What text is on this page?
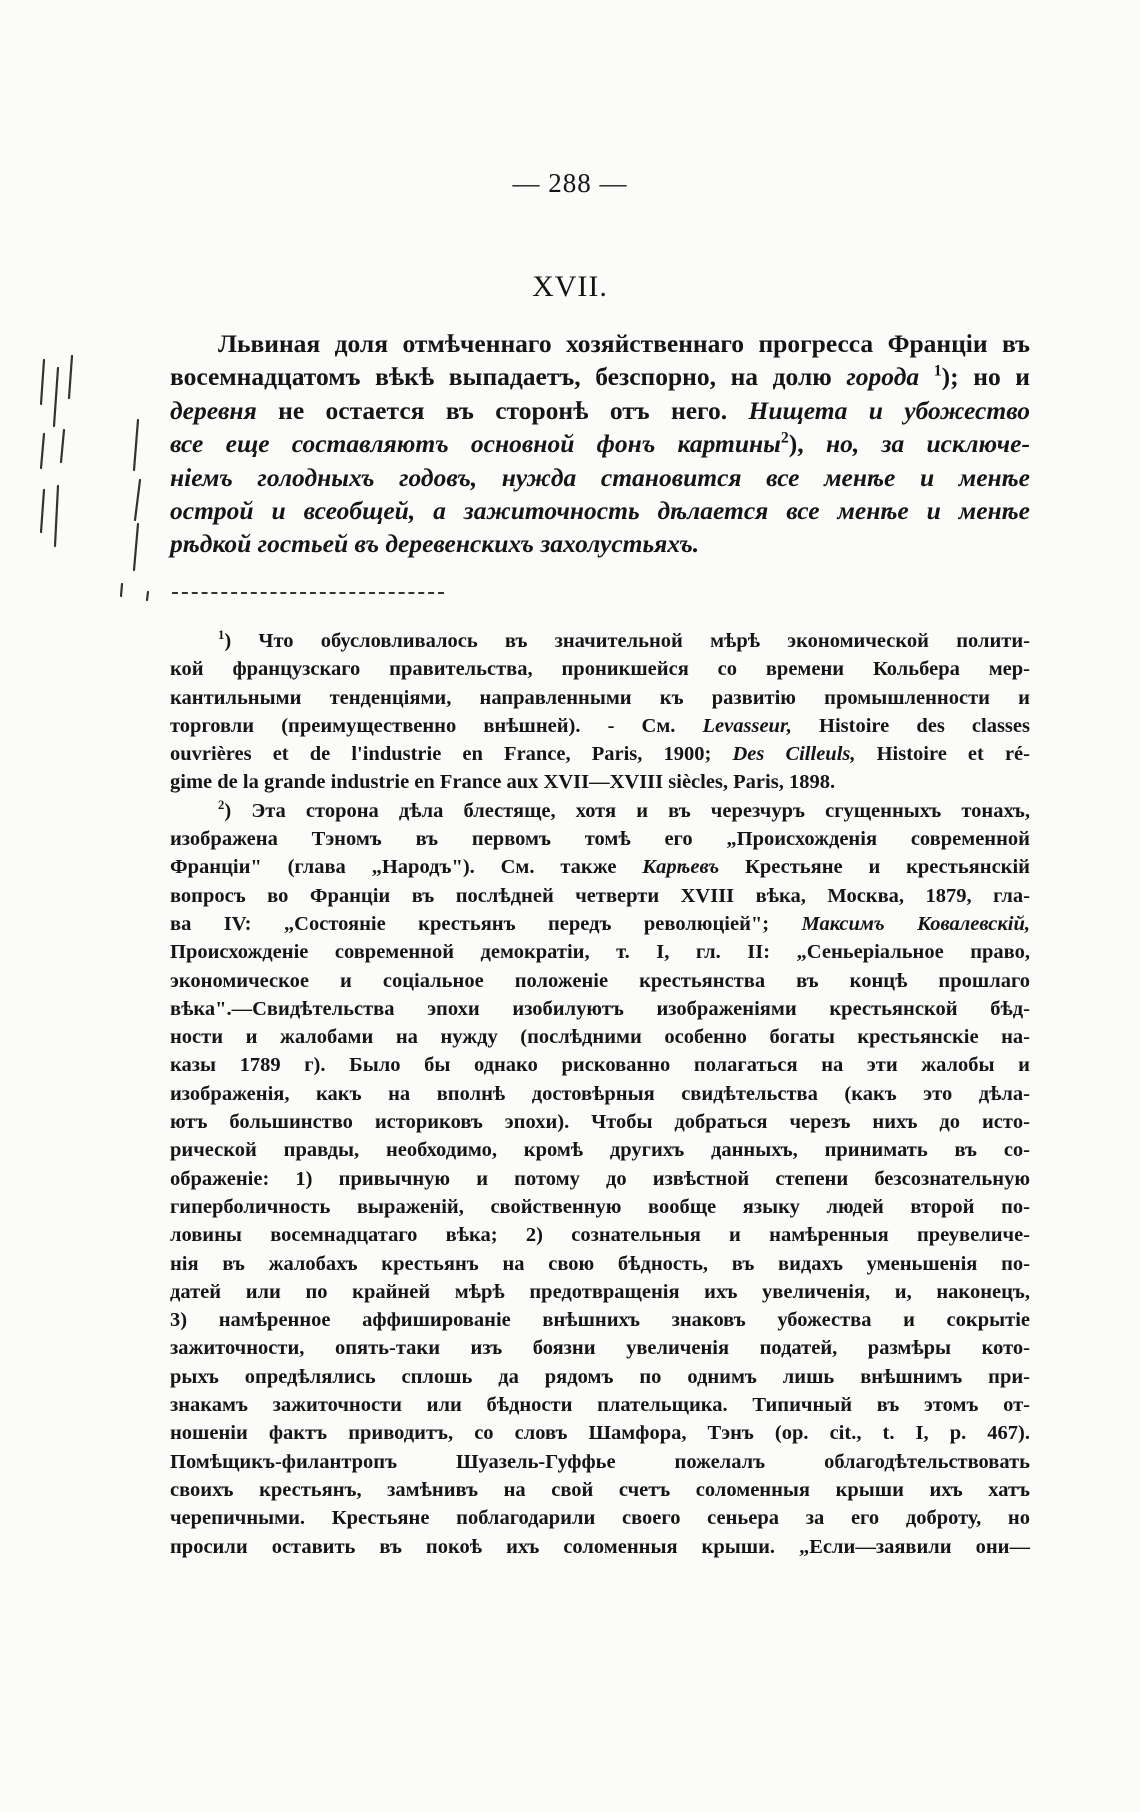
— 288 —
XVII.
Львиная доля отмѣченнаго хозяйственнаго прогресса Франціи въ
восемнадцатомъ вѣкѣ выпадаетъ, безспорно, на долю города $^1$); но и
деревня не остается въ сторонѣ отъ него. Нищета и убожество
все еще составляютъ основной фонъ картины$^2$), но, за исключе-
ніемъ голодныхъ годовъ, нужда становится все менѣе и менѣе
острой и всеобщей, а зажиточность дѣлается все менѣе и менѣе
рѣдкой гостьей въ деревенскихъ захолустьяхъ.
$^1$) Что обусловливалось въ значительной мѣрѣ экономической полити-
кой французскаго правительства, проникшейся со времени Кольбера мер-
кантильными тенденціями, направленными къ развитію промышленности и
торговли (преимущественно внѣшней). - См. Levasseur, Histoire des classes
ouvrières et de l'industrie en France, Paris, 1900; Des Cilleuls, Histoire et ré-
gime de la grande industrie en France aux XVII—XVIII siècles, Paris, 1898.
$^2$) Эта сторона дѣла блестяще, хотя и въ черезчуръ сгущенныхъ тонахъ,
изображена Тэномъ въ первомъ томѣ его „Происхожденія современной
Франціи" (глава „Народъ"). См. также Карѣевъ Крестьяне и крестьянскій
вопросъ во Франціи въ послѣдней четверти XVIII вѣка, Москва, 1879, гла-
ва IV: „Состояніе крестьянъ передъ революціей"; Максимъ Ковалевскій,
Происхожденіе современной демократіи, т. I, гл. II: „Сеньеріальное право,
экономическое и соціальное положеніе крестьянства въ концѣ прошлаго
вѣка".—Свидѣтельства эпохи изобилуютъ изображеніями крестьянской бѣд-
ности и жалобами на нужду (послѣдними особенно богаты крестьянскіе на-
казы 1789 г). Было бы однако рискованно полагаться на эти жалобы и
изображенія, какъ на вполнѣ достовѣрныя свидѣтельства (какъ это дѣла-
ютъ большинство историковъ эпохи). Чтобы добраться черезъ нихъ до истo-
рической правды, необходимо, кромѣ другихъ данныхъ, принимать въ со-
ображеніе: 1) привычную и потому до извѣстной степени безсознательную
гиперболичность выраженій, свойственную вообще языку людей второй по-
ловины восемнадцатаго вѣка; 2) сознательныя и намѣренныя преувеличе-
нія въ жалобахъ крестьянъ на свою бѣдность, въ видахъ уменьшенія по-
датей или по крайней мѣрѣ предотвращенія ихъ увеличенія, и, наконецъ,
3) намѣренное аффишированіе внѣшнихъ знаковъ убожества и сокрытіе
зажиточности, опять-таки изъ боязни увеличенія податей, размѣры кото-
рыхъ опредѣлялись сплошь да рядомъ по однимъ лишь внѣшнимъ при-
знакамъ зажиточности или бѣдности плательщика. Типичный въ этомъ от-
ношеніи фактъ приводитъ, со словъ Шамфора, Тэнъ (op. cit., t. I, p. 467).
Помѣщикъ-филантропъ Шуазель-Гуффье пожелалъ облагодѣтельствовать
своихъ крестьянъ, замѣнивъ на свой счетъ соломенныя крыши ихъ хатъ
черепичными. Крестьяне поблагодарили своего сеньера за его доброту, но
просили оставить въ покоѣ ихъ соломенныя крыши. „Если—заявили они—
